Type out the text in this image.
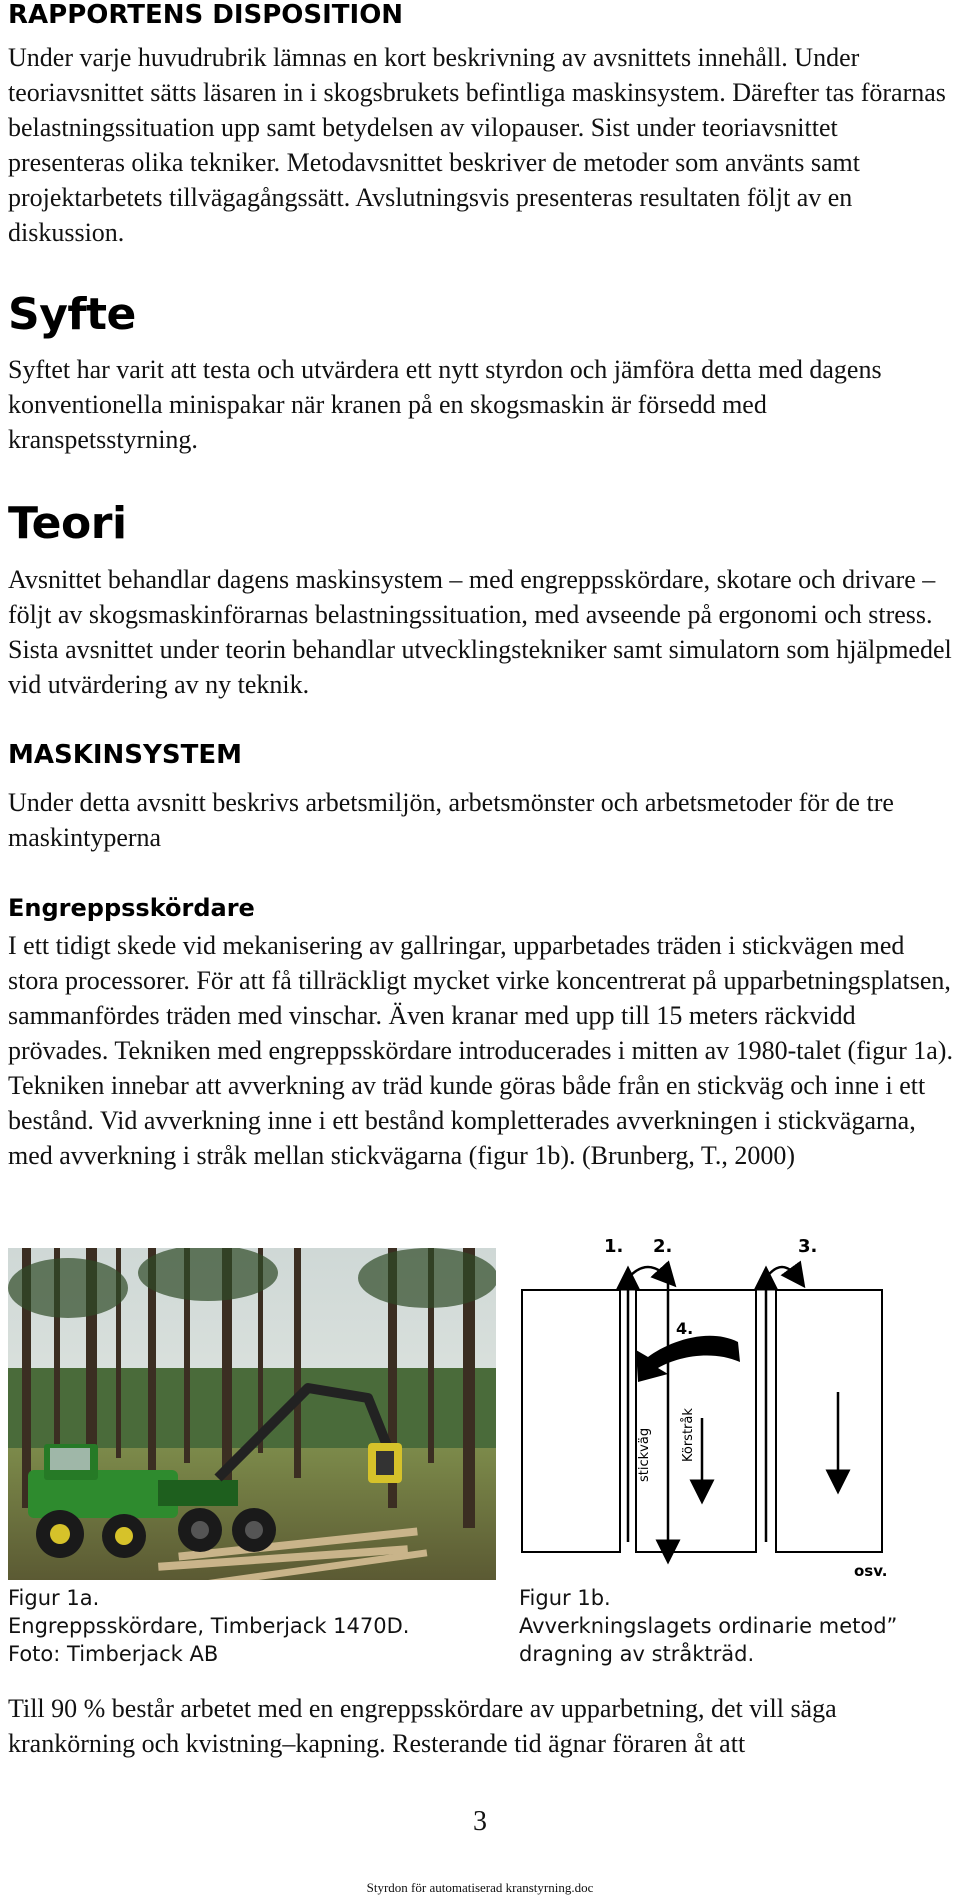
RAPPORTENS DISPOSITION

Under varje huvudrubrik lämnas en kort beskrivning av avsnittets innehåll. Under teoriavsnittet sätts läsaren in i skogsbrukets befintliga maskinsystem. Därefter tas förarnas belastningssituation upp samt betydelsen av vilopauser. Sist under teoriavsnittet presenteras olika tekniker. Metodavsnittet beskriver de metoder som använts samt projektarbetets tillvägagångssätt. Avslutningsvis presenteras resultaten följt av en diskussion.

Syfte

Syftet har varit att testa och utvärdera ett nytt styrdon och jämföra detta med dagens konventionella minispakar när kranen på en skogsmaskin är försedd med kranspetsstyrning.

Teori

Avsnittet behandlar dagens maskinsystem – med engreppsskördare, skotare och drivare – följt av skogsmaskinförarnas belastningssituation, med avseende på ergonomi och stress. Sista avsnittet under teorin behandlar utvecklingstekniker samt simulatorn som hjälpmedel vid utvärdering av ny teknik.

MASKINSYSTEM

Under detta avsnitt beskrivs arbetsmiljön, arbetsmönster och arbetsmetoder för de tre maskintyperna

Engreppsskördare

I ett tidigt skede vid mekanisering av gallringar, upparbetades träden i stickvägen med stora processorer. För att få tillräckligt mycket virke koncentrerat på upparbetningsplatsen, sammanfördes träden med vinschar. Även kranar med upp till 15 meters räckvidd prövades. Tekniken med engreppsskördare introducerades i mitten av 1980-talet (figur 1a). Tekniken innebar att avverkning av träd kunde göras både från en stickväg och inne i ett bestånd. Vid avverkning inne i ett bestånd kompletterades avverkningen i stickvägarna, med avverkning i stråk mellan stickvägarna (figur 1b). (Brunberg, T., 2000)

1. 2.	3.
4.
stickväg Körstråk
osv.
Figur 1a.
Engreppsskördare, Timberjack 1470D.
Foto: Timberjack AB
Figur 1b.
Avverkningslagets ordinarie metod”
dragning av stråkträd.

Till 90 % består arbetet med en engreppsskördare av upparbetning, det vill säga krankörning och kvistning–kapning. Resterande tid ägnar föraren åt att

3
Styrdon för automatiserad kranstyrning.doc
